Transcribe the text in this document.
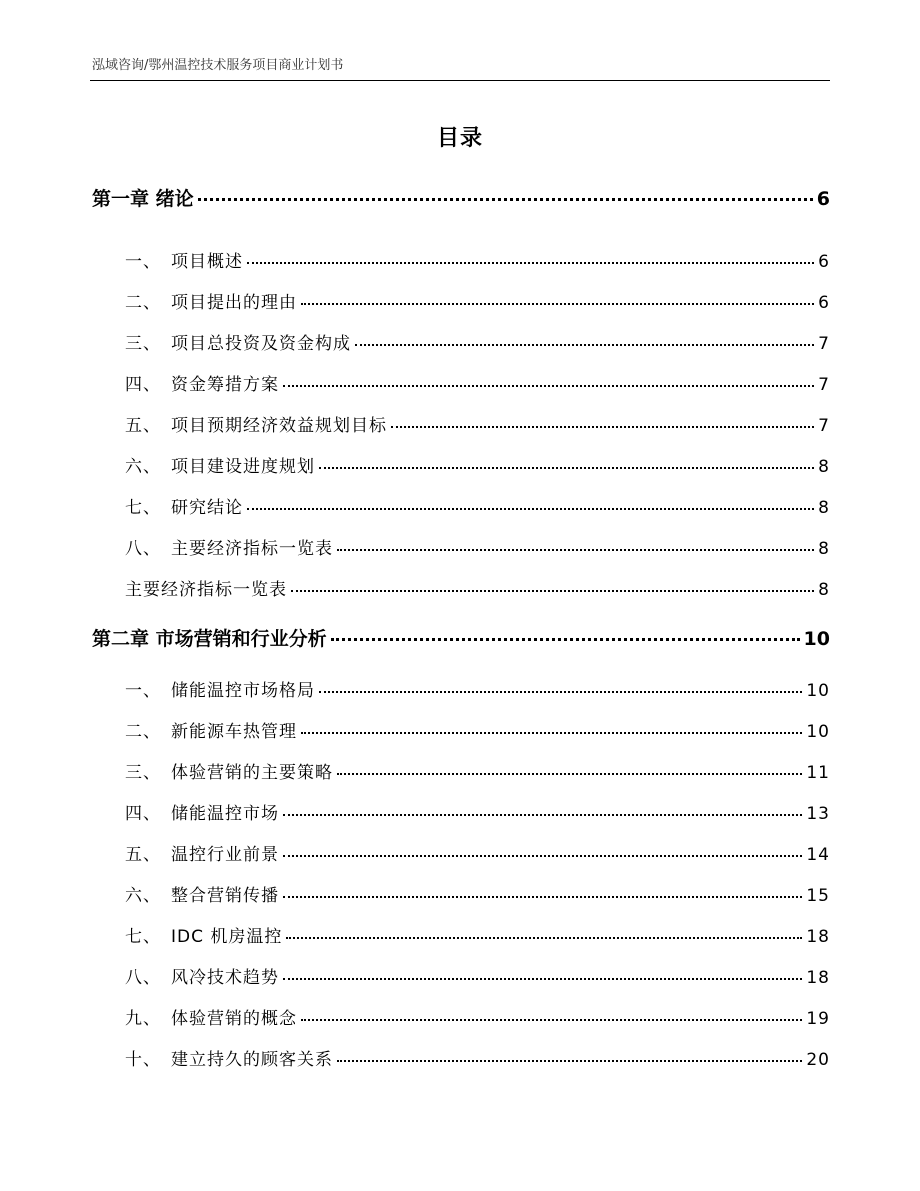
泓域咨询/鄂州温控技术服务项目商业计划书
目录
第一章 绪论	6
一、 项目概述	6
二、 项目提出的理由	6
三、 项目总投资及资金构成	7
四、 资金筹措方案	7
五、 项目预期经济效益规划目标	7
六、 项目建设进度规划	8
七、 研究结论	8
八、 主要经济指标一览表	8
主要经济指标一览表	8
第二章 市场营销和行业分析	10
一、 储能温控市场格局	10
二、 新能源车热管理	10
三、 体验营销的主要策略	11
四、 储能温控市场	13
五、 温控行业前景	14
六、 整合营销传播	15
七、 IDC 机房温控	18
八、 风冷技术趋势	18
九、 体验营销的概念	19
十、 建立持久的顾客关系	20
